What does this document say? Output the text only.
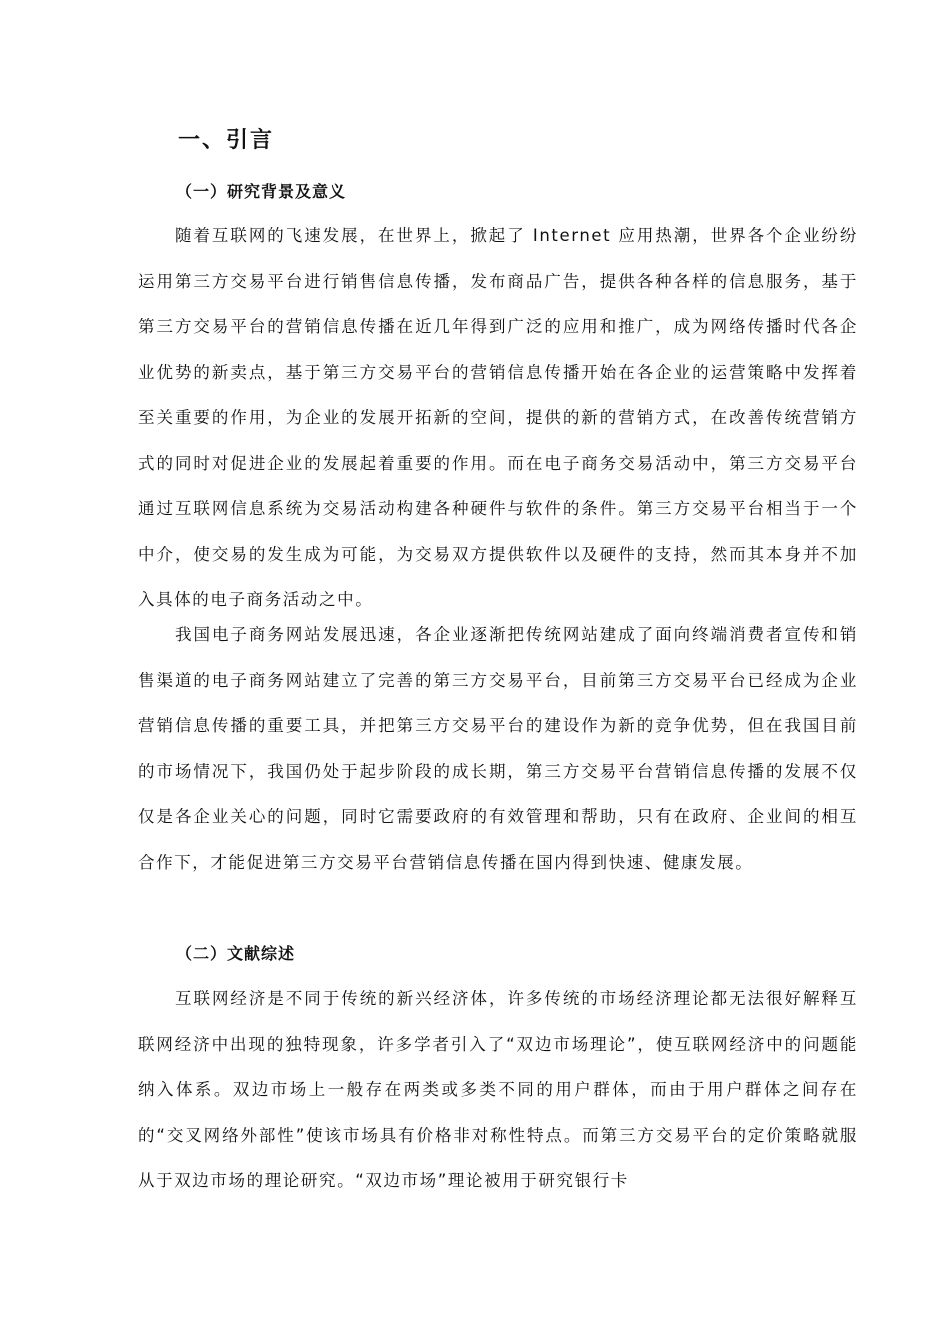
一、引言
（一）研究背景及意义

随着互联网的飞速发展，在世界上，掀起了 Internet 应用热潮，世界各个企业纷纷运用第三方交易平台进行销售信息传播，发布商品广告，提供各种各样的信息服务，基于第三方交易平台的营销信息传播在近几年得到广泛的应用和推广，成为网络传播时代各企业优势的新卖点，基于第三方交易平台的营销信息传播开始在各企业的运营策略中发挥着至关重要的作用，为企业的发展开拓新的空间，提供的新的营销方式，在改善传统营销方式的同时对促进企业的发展起着重要的作用。而在电子商务交易活动中，第三方交易平台通过互联网信息系统为交易活动构建各种硬件与软件的条件。第三方交易平台相当于一个中介，使交易的发生成为可能，为交易双方提供软件以及硬件的支持，然而其本身并不加入具体的电子商务活动之中。

我国电子商务网站发展迅速，各企业逐渐把传统网站建成了面向终端消费者宣传和销售渠道的电子商务网站建立了完善的第三方交易平台，目前第三方交易平台已经成为企业营销信息传播的重要工具，并把第三方交易平台的建设作为新的竞争优势，但在我国目前的市场情况下，我国仍处于起步阶段的成长期，第三方交易平台营销信息传播的发展不仅仅是各企业关心的问题，同时它需要政府的有效管理和帮助，只有在政府、企业间的相互合作下，才能促进第三方交易平台营销信息传播在国内得到快速、健康发展。

（二）文献综述

互联网经济是不同于传统的新兴经济体，许多传统的市场经济理论都无法很好解释互联网经济中出现的独特现象，许多学者引入了“双边市场理论”，使互联网经济中的问题能纳入体系。双边市场上一般存在两类或多类不同的用户群体，而由于用户群体之间存在的“交叉网络外部性”使该市场具有价格非对称性特点。而第三方交易平台的定价策略就服从于双边市场的理论研究。“双边市场”理论被用于研究银行卡
